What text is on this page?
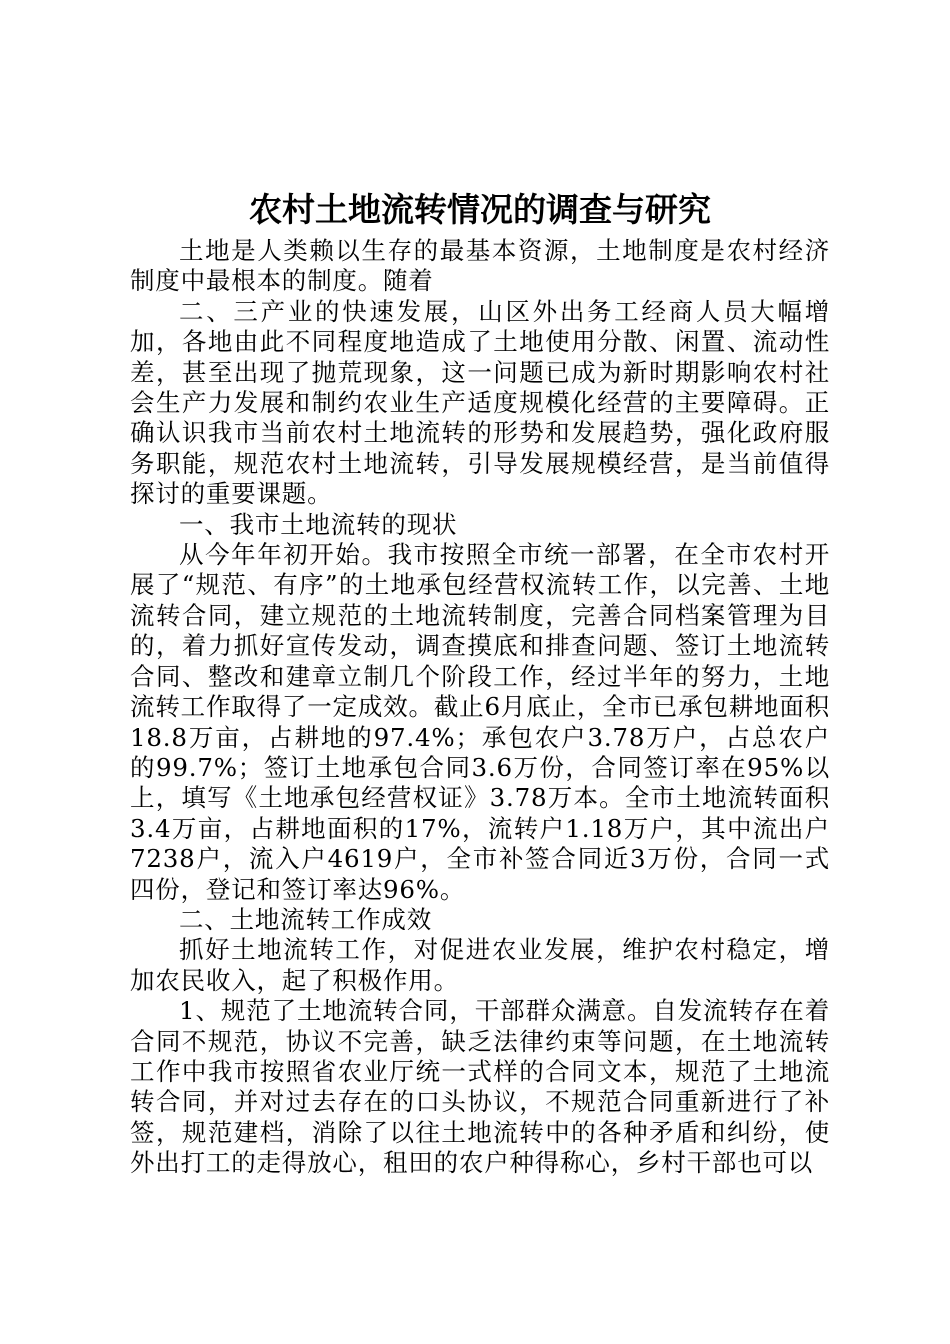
农村土地流转情况的调查与研究

土地是人类赖以生存的最基本资源，土地制度是农村经济制度中最根本的制度。随着

二、三产业的快速发展，山区外出务工经商人员大幅增加，各地由此不同程度地造成了土地使用分散、闲置、流动性差，甚至出现了抛荒现象，这一问题已成为新时期影响农村社会生产力发展和制约农业生产适度规模化经营的主要障碍。正确认识我市当前农村土地流转的形势和发展趋势，强化政府服务职能，规范农村土地流转，引导发展规模经营，是当前值得探讨的重要课题。

一、我市土地流转的现状

从今年年初开始。我市按照全市统一部署，在全市农村开展了“规范、有序”的土地承包经营权流转工作，以完善、土地流转合同，建立规范的土地流转制度，完善合同档案管理为目的，着力抓好宣传发动，调查摸底和排查问题、签订土地流转合同、整改和建章立制几个阶段工作，经过半年的努力，土地流转工作取得了一定成效。截止6月底止，全市已承包耕地面积18.8万亩，占耕地的97.4%；承包农户3.78万户，占总农户的99.7%；签订土地承包合同3.6万份，合同签订率在95%以上，填写《土地承包经营权证》3.78万本。全市土地流转面积3.4万亩，占耕地面积的17%，流转户1.18万户，其中流出户7238户，流入户4619户，全市补签合同近3万份，合同一式四份，登记和签订率达96%。

二、土地流转工作成效

抓好土地流转工作，对促进农业发展，维护农村稳定，增加农民收入，起了积极作用。

1、规范了土地流转合同，干部群众满意。自发流转存在着合同不规范，协议不完善，缺乏法律约束等问题，在土地流转工作中我市按照省农业厅统一式样的合同文本，规范了土地流转合同，并对过去存在的口头协议，不规范合同重新进行了补签，规范建档，消除了以往土地流转中的各种矛盾和纠纷，使外出打工的走得放心，租田的农户种得称心，乡村干部也可以
